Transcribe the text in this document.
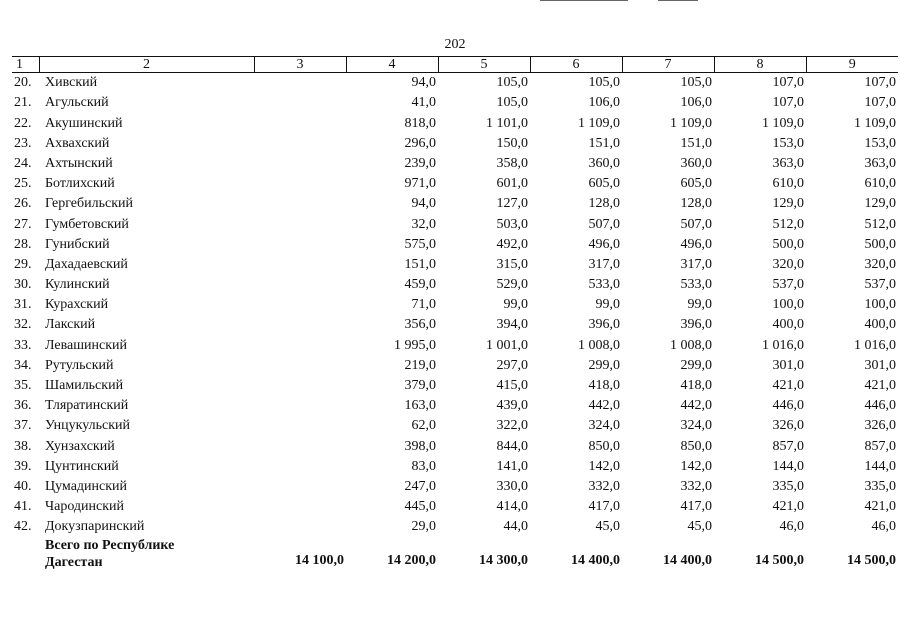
202
1	2	3	4	5	6	7	8	9
20.	Хивский		94,0	105,0	105,0	105,0	107,0	107,0
21.	Агульский		41,0	105,0	106,0	106,0	107,0	107,0
22.	Акушинский		818,0	1 101,0	1 109,0	1 109,0	1 109,0	1 109,0
23.	Ахвахский		296,0	150,0	151,0	151,0	153,0	153,0
24.	Ахтынский		239,0	358,0	360,0	360,0	363,0	363,0
25.	Ботлихский		971,0	601,0	605,0	605,0	610,0	610,0
26.	Гергебильский		94,0	127,0	128,0	128,0	129,0	129,0
27.	Гумбетовский		32,0	503,0	507,0	507,0	512,0	512,0
28.	Гунибский		575,0	492,0	496,0	496,0	500,0	500,0
29.	Дахадаевский		151,0	315,0	317,0	317,0	320,0	320,0
30.	Кулинский		459,0	529,0	533,0	533,0	537,0	537,0
31.	Курахский		71,0	99,0	99,0	99,0	100,0	100,0
32.	Лакский		356,0	394,0	396,0	396,0	400,0	400,0
33.	Левашинский		1 995,0	1 001,0	1 008,0	1 008,0	1 016,0	1 016,0
34.	Рутульский		219,0	297,0	299,0	299,0	301,0	301,0
35.	Шамильский		379,0	415,0	418,0	418,0	421,0	421,0
36.	Тляратинский		163,0	439,0	442,0	442,0	446,0	446,0
37.	Унцукульский		62,0	322,0	324,0	324,0	326,0	326,0
38.	Хунзахский		398,0	844,0	850,0	850,0	857,0	857,0
39.	Цунтинский		83,0	141,0	142,0	142,0	144,0	144,0
40.	Цумадинский		247,0	330,0	332,0	332,0	335,0	335,0
41.	Чародинский		445,0	414,0	417,0	417,0	421,0	421,0
42.	Докузпаринский		29,0	44,0	45,0	45,0	46,0	46,0
	Всего по Республике
Дагестан	14 100,0	14 200,0	14 300,0	14 400,0	14 400,0	14 500,0	14 500,0
